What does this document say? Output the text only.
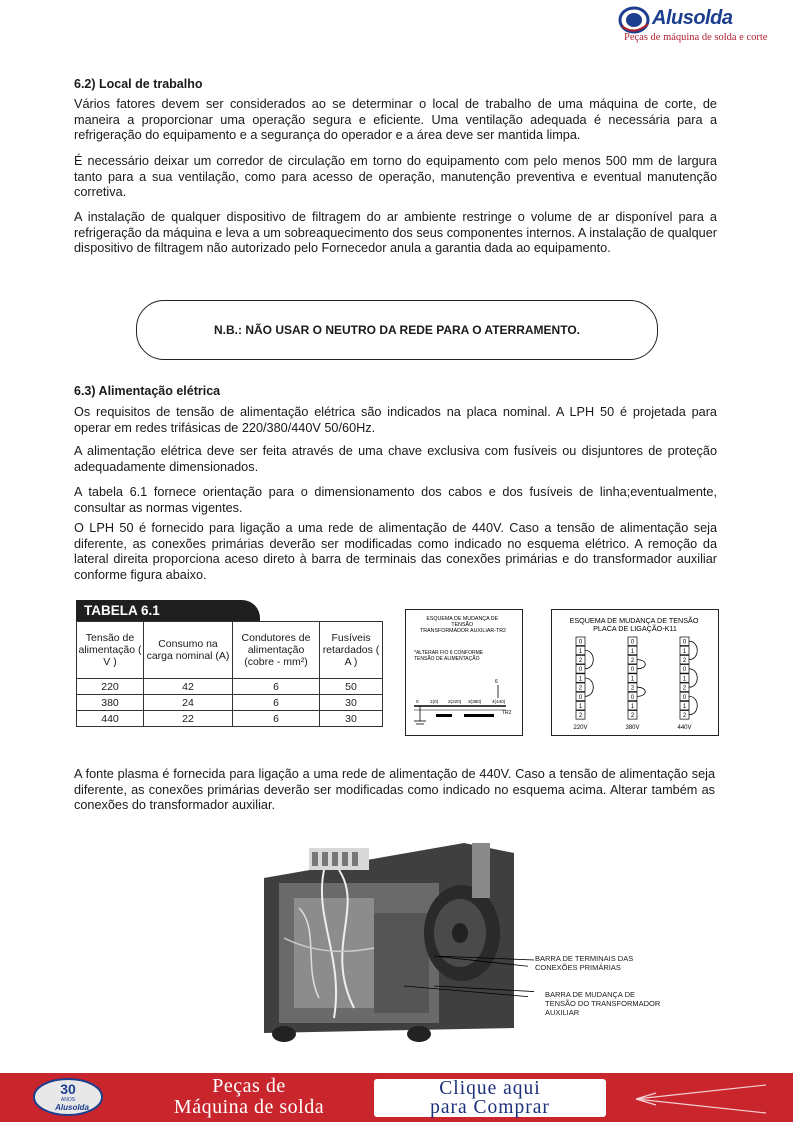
Alusolda
Peças de máquina de solda e corte
6.2) Local de trabalho
Vários fatores devem ser considerados ao se determinar o local de trabalho de uma máquina de corte, de maneira a proporcionar uma operação segura e eficiente. Uma ventilação adequada é necessária para a refrigeração do equipamento e a segurança do operador e a área deve ser mantida limpa.
É necessário deixar um corredor de circulação em torno do equipamento com pelo menos 500 mm de largura tanto para a sua ventilação, como para acesso de operação, manutenção preventiva e eventual manutenção corretiva.
A instalação de qualquer dispositivo de filtragem do ar ambiente restringe o volume de ar disponível para a refrigeração da máquina e leva a um sobreaquecimento dos seus componentes internos. A instalação de qualquer dispositivo de filtragem não autorizado pelo Fornecedor anula a garantia dada ao equipamento.
N.B.: NÃO USAR O NEUTRO DA REDE PARA O ATERRAMENTO.
6.3) Alimentação elétrica
Os requisitos de tensão de alimentação elétrica são indicados na placa nominal. A LPH 50 é projetada para operar em redes trifásicas de 220/380/440V 50/60Hz.
A alimentação elétrica deve ser feita através de uma chave exclusiva com fusíveis ou disjuntores de proteção adequadamente dimensionados.
A tabela 6.1 fornece orientação para o dimensionamento dos cabos e dos fusíveis de linha;eventualmente, consultar as normas vigentes.
O LPH 50 é fornecido para ligação a uma rede de alimentação de 440V. Caso a tensão de alimentação seja diferente, as conexões primárias deverão ser modificadas como indicado no esquema elétrico. A remoção da lateral direita proporciona aceso direto à barra de terminais das conexões primárias e do transformador auxiliar conforme figura abaixo.
TABELA 6.1
Tensão de alimentação ( V )	Consumo na carga nominal (A)	Condutores de alimentação (cobre - mm²)	Fusíveis retardados ( A )
220	42	6	50
380	24	6	30
440	22	6	30
ESQUEMA DE MUDANÇA DE TENSÃO TRANSFORMADOR AUXILIAR-TR2
*ALTERAR FIO 6 CONFORME TENSÃO DE ALIMENTAÇÃO
6
0 1(0) 2(220) 3(380) 4(440)
TR2
ESQUEMA DE MUDANÇA DE TENSÃO PLACA DE LIGAÇÃO-K11
0
1
2
0
1
2
0
1
2
220V
0
1
2
0
1
2
0
1
2
380V
0
1
2
0
1
2
0
1
2
440V
A fonte plasma é fornecida para ligação a uma rede de alimentação de 440V. Caso a tensão de alimentação seja diferente, as conexões primárias deverão ser modificadas como indicado no esquema acima. Alterar também as conexões do transformador auxiliar.
BARRA DE TERMINAIS DAS CONEXÕES PRIMÁRIAS
BARRA DE MUDANÇA DE TENSÃO DO TRANSFORMADOR AUXILIAR
30
ANOS
Alusolda
Peças de
Máquina de solda
Clique aqui
para Comprar
